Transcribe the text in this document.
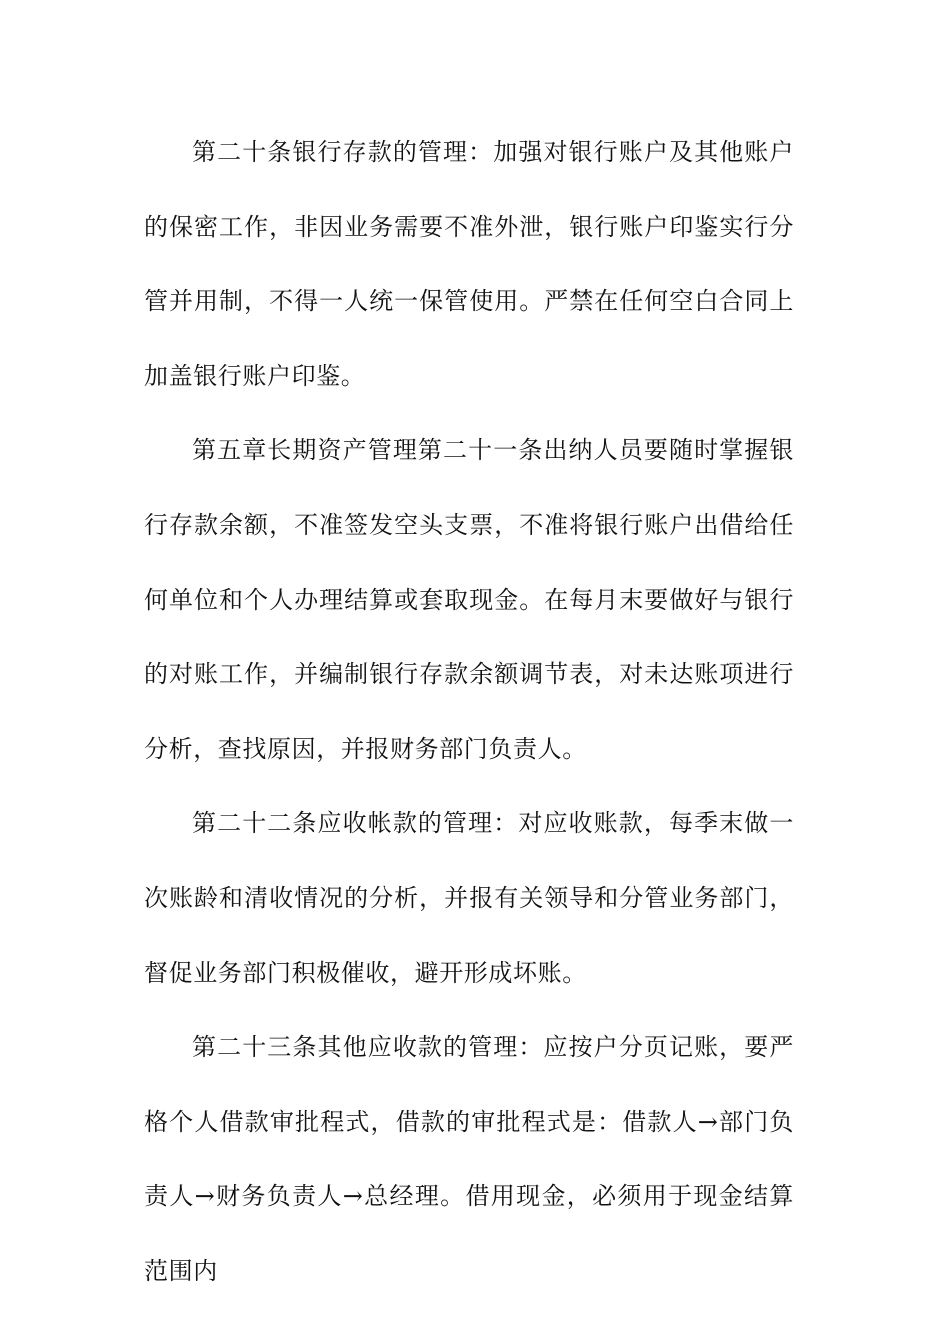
第二十条银行存款的管理：加强对银行账户及其他账户的保密工作，非因业务需要不准外泄，银行账户印鉴实行分管并用制，不得一人统一保管使用。严禁在任何空白合同上加盖银行账户印鉴。

第五章长期资产管理第二十一条出纳人员要随时掌握银行存款余额，不准签发空头支票，不准将银行账户出借给任何单位和个人办理结算或套取现金。在每月末要做好与银行的对账工作，并编制银行存款余额调节表，对未达账项进行分析，查找原因，并报财务部门负责人。

第二十二条应收帐款的管理：对应收账款，每季末做一次账龄和清收情况的分析，并报有关领导和分管业务部门，督促业务部门积极催收，避开形成坏账。

第二十三条其他应收款的管理：应按户分页记账，要严格个人借款审批程式，借款的审批程式是：借款人→部门负责人→财务负责人→总经理。借用现金，必须用于现金结算范围内
